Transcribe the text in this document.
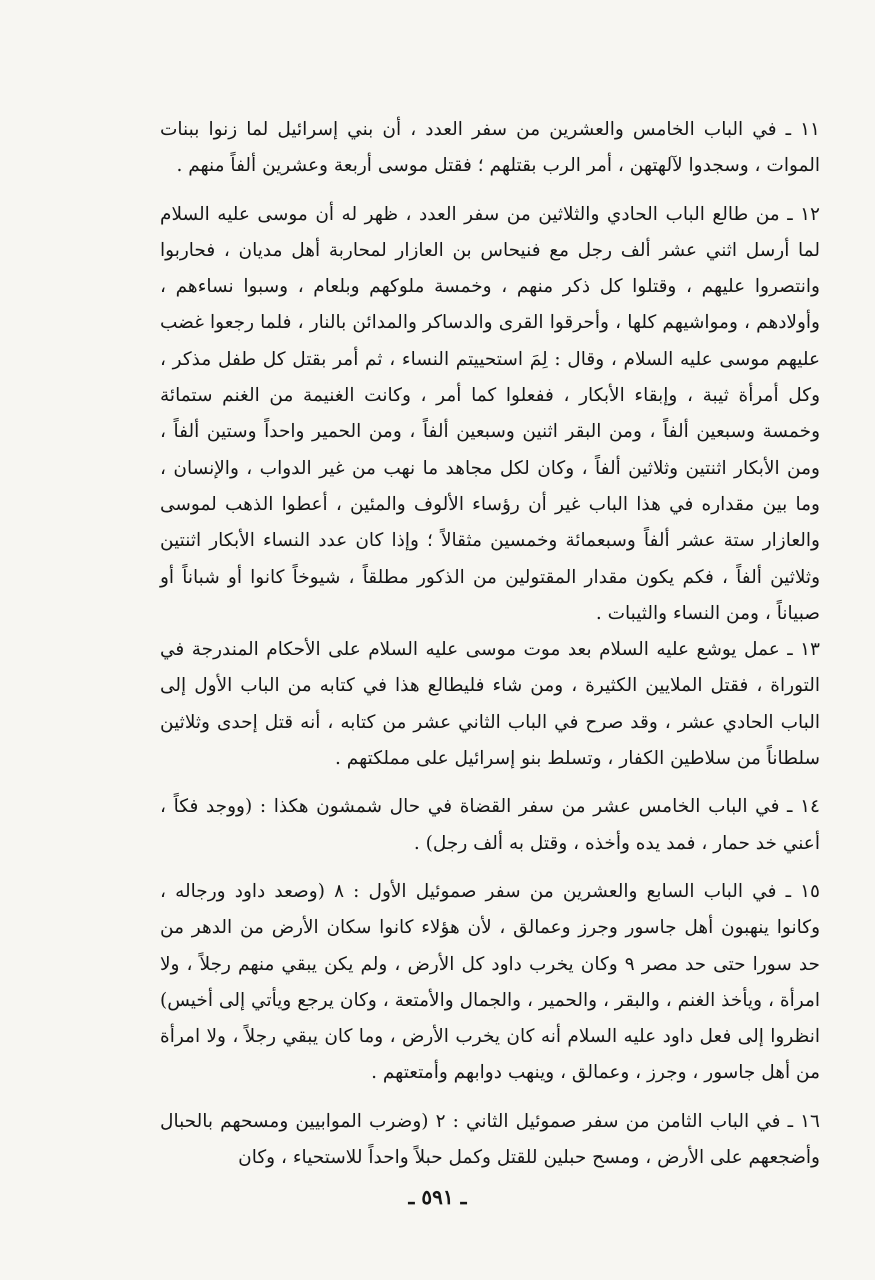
١١ ـ في الباب الخامس والعشرين من سفر العدد ، أن بني إسرائيل لما زنوا ببنات الموات ، وسجدوا لآلهتهن ، أمر الرب بقتلهم ؛ فقتل موسى أربعة وعشرين ألفاً منهم .

١٢ ـ من طالع الباب الحادي والثلاثين من سفر العدد ، ظهر له أن موسى عليه السلام لما أرسل اثني عشر ألف رجل مع فنيحاس بن العازار لمحاربة أهل مديان ، فحاربوا وانتصروا عليهم ، وقتلوا كل ذكر منهم ، وخمسة ملوكهم وبلعام ، وسبوا نساءهم ، وأولادهم ، ومواشيهم كلها ، وأحرقوا القرى والدساكر والمدائن بالنار ، فلما رجعوا غضب عليهم موسى عليه السلام ، وقال : لِمَ استحييتم النساء ، ثم أمر بقتل كل طفل مذكر ، وكل أمرأة ثيبة ، وإبقاء الأبكار ، ففعلوا كما أمر ، وكانت الغنيمة من الغنم ستمائة وخمسة وسبعين ألفاً ، ومن البقر اثنين وسبعين ألفاً ، ومن الحمير واحداً وستين ألفاً ، ومن الأبكار اثنتين وثلاثين ألفاً ، وكان لكل مجاهد ما نهب من غير الدواب ، والإنسان ، وما بين مقداره في هذا الباب غير أن رؤساء الألوف والمئين ، أعطوا الذهب لموسى والعازار ستة عشر ألفاً وسبعمائة وخمسين مثقالاً ؛ وإذا كان عدد النساء الأبكار اثنتين وثلاثين ألفاً ، فكم يكون مقدار المقتولين من الذكور مطلقاً ، شيوخاً كانوا أو شباناً أو صبياناً ، ومن النساء والثيبات .

١٣ ـ عمل يوشع عليه السلام بعد موت موسى عليه السلام على الأحكام المندرجة في التوراة ، فقتل الملايين الكثيرة ، ومن شاء فليطالع هذا في كتابه من الباب الأول إلى الباب الحادي عشر ، وقد صرح في الباب الثاني عشر من كتابه ، أنه قتل إحدى وثلاثين سلطاناً من سلاطين الكفار ، وتسلط بنو إسرائيل على مملكتهم .

١٤ ـ في الباب الخامس عشر من سفر القضاة في حال شمشون هكذا : (ووجد فكاً ، أعني خد حمار ، فمد يده وأخذه ، وقتل به ألف رجل) .

١٥ ـ في الباب السابع والعشرين من سفر صموئيل الأول : ٨ (وصعد داود ورجاله ، وكانوا ينهبون أهل جاسور وجرز وعمالق ، لأن هؤلاء كانوا سكان الأرض من الدهر من حد سورا حتى حد مصر ٩ وكان يخرب داود كل الأرض ، ولم يكن يبقي منهم رجلاً ، ولا امرأة ، ويأخذ الغنم ، والبقر ، والحمير ، والجمال والأمتعة ، وكان يرجع ويأتي إلى أخيس) انظروا إلى فعل داود عليه السلام أنه كان يخرب الأرض ، وما كان يبقي رجلاً ، ولا امرأة من أهل جاسور ، وجرز ، وعمالق ، وينهب دوابهم وأمتعتهم .

١٦ ـ في الباب الثامن من سفر صموئيل الثاني : ٢ (وضرب الموابيين ومسحهم بالحبال وأضجعهم على الأرض ، ومسح حبلين للقتل وكمل حبلاً واحداً للاستحياء ، وكان

ـ ٥٩١ ـ
